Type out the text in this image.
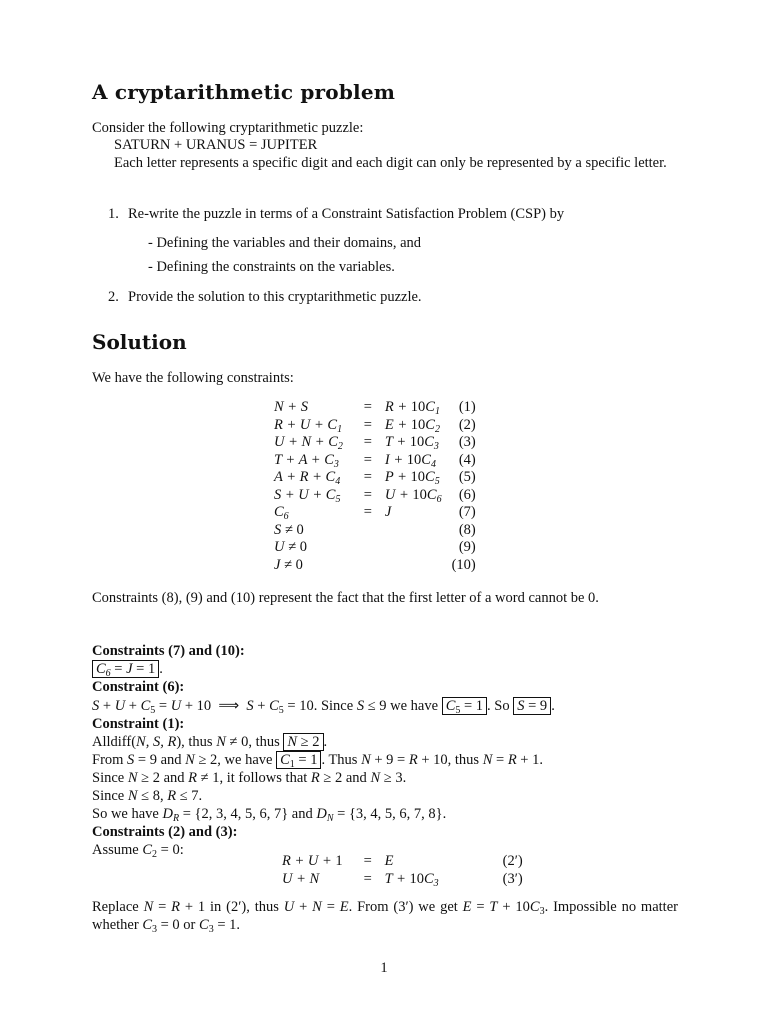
A cryptarithmetic problem
Consider the following cryptarithmetic puzzle:
SATURN + URANUS = JUPITER
Each letter represents a specific digit and each digit can only be represented by a specific letter.
1. Re-write the puzzle in terms of a Constraint Satisfaction Problem (CSP) by
- Defining the variables and their domains, and
- Defining the constraints on the variables.
2. Provide the solution to this cryptarithmetic puzzle.
Solution
We have the following constraints:
N + S	=	$R + 10C_1$	(1)
$R + U + C_1$	=	$E + 10C_2$	(2)
$U + N + C_2$	=	$T + 10C_3$	(3)
$T + A + C_3$	=	$I + 10C_4$	(4)
$A + R + C_4$	=	$P + 10C_5$	(5)
$S + U + C_5$	=	$U + 10C_6$	(6)
$C_6$	=	J	(7)
S ≠ 0			(8)
U ≠ 0			(9)
J ≠ 0			(10)
Constraints (8), (9) and (10) represent the fact that the first letter of a word cannot be 0.
Constraints (7) and (10):
$C_6 = J = 1$ .
Constraint (6):
$S + U + C_5 = U + 10$  ⟹  $S + C_5 = 10$. Since S ≤ 9 we have $C_5 = 1$ . So S = 9 .
Constraint (1):
Alldiff(N, S, R), thus N ≠ 0, thus N ≥ 2 .
From S = 9 and N ≥ 2, we have $C_1 = 1$ . Thus N + 9 = R + 10, thus N = R + 1.
Since N ≥ 2 and R ≠ 1, it follows that R ≥ 2 and N ≥ 3.
Since N ≤ 8, R ≤ 7.
So we have $D_R = \{2$, 3, 4, 5, 6, 7} and $D_N = \{3$, 4, 5, 6, 7, 8}.
Constraints (2) and (3):
Assume $C_2 = 0$:
R + U + 1	=	E	(2′)
U + N	=	$T + 10C_3$	(3′)
Replace N = R + 1 in (2′), thus U + N = E. From (3′) we get $E = T + 10C_3$. Impossible no matter whether $C_3 = 0$ or $C_3 = 1$.
1
